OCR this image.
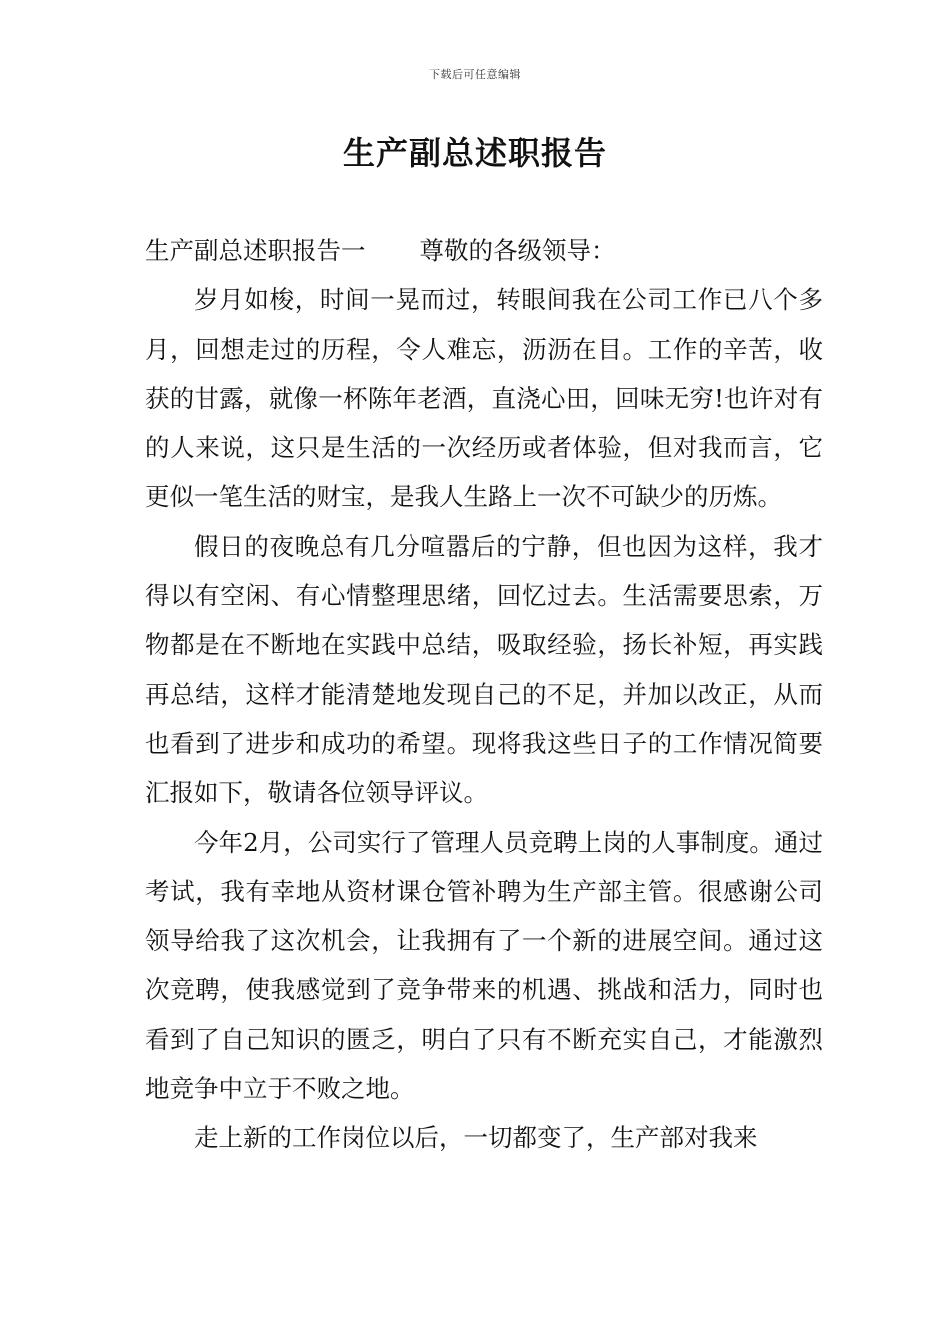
下载后可任意编辑
生产副总述职报告

生产副总述职报告一 尊敬的各级领导：

岁月如梭，时间一晃而过，转眼间我在公司工作已八个多月，回想走过的历程，令人难忘，沥沥在目。工作的辛苦，收获的甘露，就像一杯陈年老酒，直浇心田，回味无穷!也许对有的人来说，这只是生活的一次经历或者体验，但对我而言，它更似一笔生活的财宝，是我人生路上一次不可缺少的历炼。

假日的夜晚总有几分喧嚣后的宁静，但也因为这样，我才得以有空闲、有心情整理思绪，回忆过去。生活需要思索，万物都是在不断地在实践中总结，吸取经验，扬长补短，再实践再总结，这样才能清楚地发现自己的不足，并加以改正，从而也看到了进步和成功的希望。现将我这些日子的工作情况简要汇报如下，敬请各位领导评议。

今年2月，公司实行了管理人员竞聘上岗的人事制度。通过考试，我有幸地从资材课仓管补聘为生产部主管。很感谢公司领导给我了这次机会，让我拥有了一个新的进展空间。通过这次竞聘，使我感觉到了竞争带来的机遇、挑战和活力，同时也看到了自己知识的匮乏，明白了只有不断充实自己，才能激烈地竞争中立于不败之地。

走上新的工作岗位以后，一切都变了，生产部对我来
